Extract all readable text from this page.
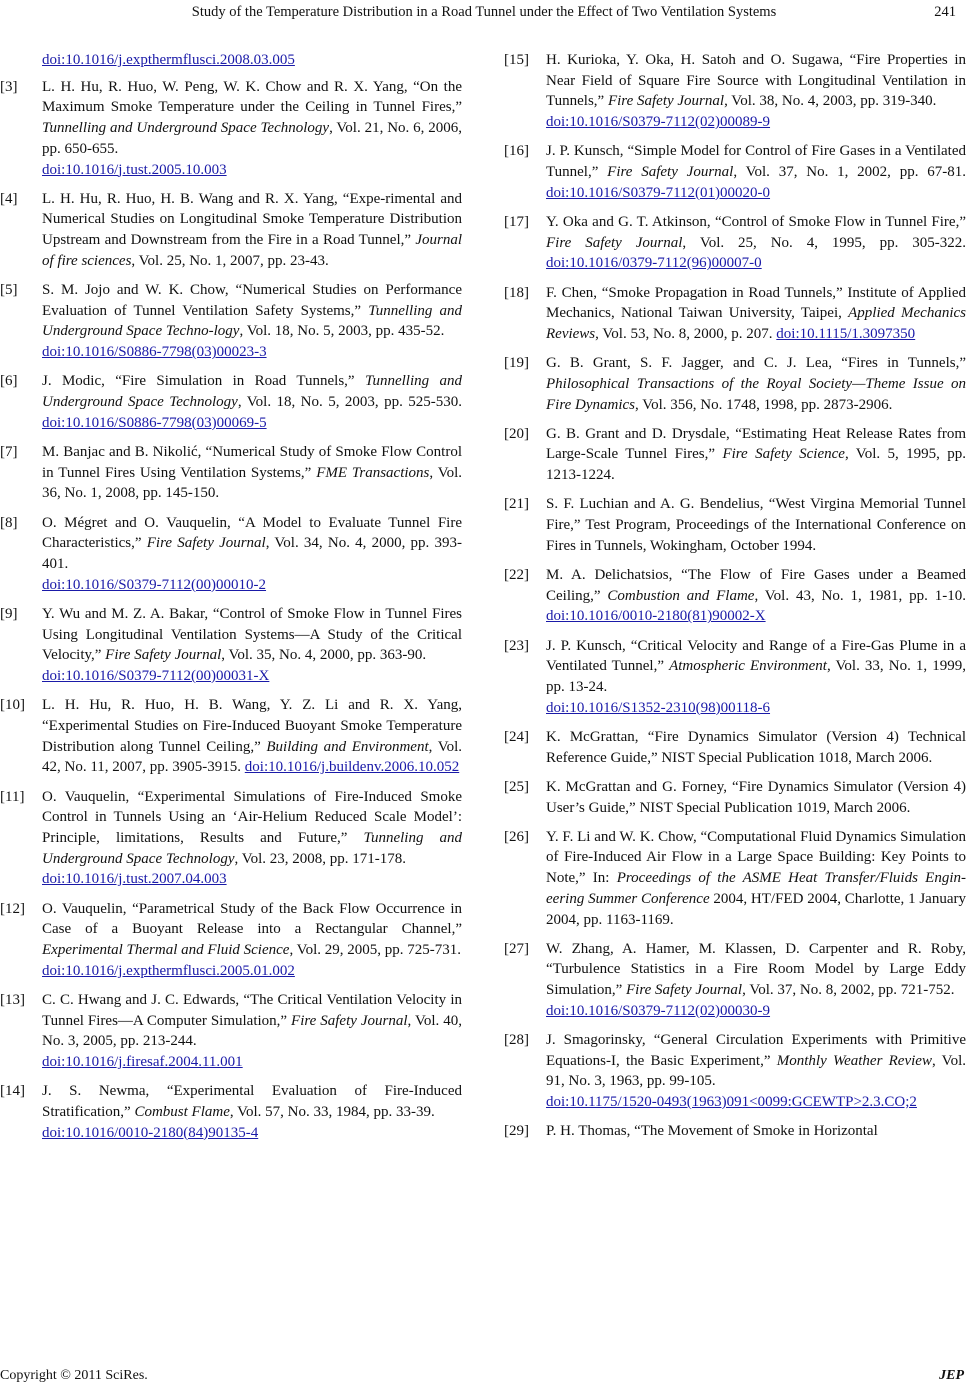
Study of the Temperature Distribution in a Road Tunnel under the Effect of Two Ventilation Systems	241
doi:10.1016/j.expthermflusci.2008.03.005
[3] L. H. Hu, R. Huo, W. Peng, W. K. Chow and R. X. Yang, “On the Maximum Smoke Temperature under the Ceiling in Tunnel Fires,” Tunnelling and Underground Space Technology, Vol. 21, No. 6, 2006, pp. 650-655.
doi:10.1016/j.tust.2005.10.003
[4] L. H. Hu, R. Huo, H. B. Wang and R. X. Yang, “Expe-rimental and Numerical Studies on Longitudinal Smoke Temperature Distribution Upstream and Downstream from the Fire in a Road Tunnel,” Journal of fire sciences, Vol. 25, No. 1, 2007, pp. 23-43.
[5] S. M. Jojo and W. K. Chow, “Numerical Studies on Performance Evaluation of Tunnel Ventilation Safety Systems,” Tunnelling and Underground Space Techno-logy, Vol. 18, No. 5, 2003, pp. 435-52.
doi:10.1016/S0886-7798(03)00023-3
[6] J. Modic, “Fire Simulation in Road Tunnels,” Tunnelling and Underground Space Technology, Vol. 18, No. 5, 2003, pp. 525-530. doi:10.1016/S0886-7798(03)00069-5
[7] M. Banjac and B. Nikolić, “Numerical Study of Smoke Flow Control in Tunnel Fires Using Ventilation Systems,” FME Transactions, Vol. 36, No. 1, 2008, pp. 145-150.
[8] O. Mégret and O. Vauquelin, “A Model to Evaluate Tunnel Fire Characteristics,” Fire Safety Journal, Vol. 34, No. 4, 2000, pp. 393-401.
doi:10.1016/S0379-7112(00)00010-2
[9] Y. Wu and M. Z. A. Bakar, “Control of Smoke Flow in Tunnel Fires Using Longitudinal Ventilation Systems—A Study of the Critical Velocity,” Fire Safety Journal, Vol. 35, No. 4, 2000, pp. 363-90.
doi:10.1016/S0379-7112(00)00031-X
[10] L. H. Hu, R. Huo, H. B. Wang, Y. Z. Li and R. X. Yang, “Experimental Studies on Fire-Induced Buoyant Smoke Temperature Distribution along Tunnel Ceiling,” Building and Environment, Vol. 42, No. 11, 2007, pp. 3905-3915. doi:10.1016/j.buildenv.2006.10.052
[11] O. Vauquelin, “Experimental Simulations of Fire-Induced Smoke Control in Tunnels Using an ‘Air-Helium Reduced Scale Model’: Principle, limitations, Results and Future,” Tunneling and Underground Space Technology, Vol. 23, 2008, pp. 171-178.
doi:10.1016/j.tust.2007.04.003
[12] O. Vauquelin, “Parametrical Study of the Back Flow Occurrence in Case of a Buoyant Release into a Rectangular Channel,” Experimental Thermal and Fluid Science, Vol. 29, 2005, pp. 725-731.
doi:10.1016/j.expthermflusci.2005.01.002
[13] C. C. Hwang and J. C. Edwards, “The Critical Ventilation Velocity in Tunnel Fires—A Computer Simulation,” Fire Safety Journal, Vol. 40, No. 3, 2005, pp. 213-244.
doi:10.1016/j.firesaf.2004.11.001
[14] J. S. Newma, “Experimental Evaluation of Fire-Induced Stratification,” Combust Flame, Vol. 57, No. 33, 1984, pp. 33-39.
doi:10.1016/0010-2180(84)90135-4
[15] H. Kurioka, Y. Oka, H. Satoh and O. Sugawa, “Fire Properties in Near Field of Square Fire Source with Longitudinal Ventilation in Tunnels,” Fire Safety Journal, Vol. 38, No. 4, 2003, pp. 319-340.
doi:10.1016/S0379-7112(02)00089-9
[16] J. P. Kunsch, “Simple Model for Control of Fire Gases in a Ventilated Tunnel,” Fire Safety Journal, Vol. 37, No. 1, 2002, pp. 67-81. doi:10.1016/S0379-7112(01)00020-0
[17] Y. Oka and G. T. Atkinson, “Control of Smoke Flow in Tunnel Fire,” Fire Safety Journal, Vol. 25, No. 4, 1995, pp. 305-322. doi:10.1016/0379-7112(96)00007-0
[18] F. Chen, “Smoke Propagation in Road Tunnels,” Institute of Applied Mechanics, National Taiwan University, Taipei, Applied Mechanics Reviews, Vol. 53, No. 8, 2000, p. 207. doi:10.1115/1.3097350
[19] G. B. Grant, S. F. Jagger, and C. J. Lea, “Fires in Tunnels,” Philosophical Transactions of the Royal Society—Theme Issue on Fire Dynamics, Vol. 356, No. 1748, 1998, pp. 2873-2906.
[20] G. B. Grant and D. Drysdale, “Estimating Heat Release Rates from Large-Scale Tunnel Fires,” Fire Safety Science, Vol. 5, 1995, pp. 1213-1224.
[21] S. F. Luchian and A. G. Bendelius, “West Virgina Memorial Tunnel Fire,” Test Program, Proceedings of the International Conference on Fires in Tunnels, Wokingham, October 1994.
[22] M. A. Delichatsios, “The Flow of Fire Gases under a Beamed Ceiling,” Combustion and Flame, Vol. 43, No. 1, 1981, pp. 1-10. doi:10.1016/0010-2180(81)90002-X
[23] J. P. Kunsch, “Critical Velocity and Range of a Fire-Gas Plume in a Ventilated Tunnel,” Atmospheric Environment, Vol. 33, No. 1, 1999, pp. 13-24.
doi:10.1016/S1352-2310(98)00118-6
[24] K. McGrattan, “Fire Dynamics Simulator (Version 4) Technical Reference Guide,” NIST Special Publication 1018, March 2006.
[25] K. McGrattan and G. Forney, “Fire Dynamics Simulator (Version 4) User’s Guide,” NIST Special Publication 1019, March 2006.
[26] Y. F. Li and W. K. Chow, “Computational Fluid Dynamics Simulation of Fire-Induced Air Flow in a Large Space Building: Key Points to Note,” In: Proceedings of the ASME Heat Transfer/Fluids Engin-eering Summer Conference 2004, HT/FED 2004, Charlotte, 1 January 2004, pp. 1163-1169.
[27] W. Zhang, A. Hamer, M. Klassen, D. Carpenter and R. Roby, “Turbulence Statistics in a Fire Room Model by Large Eddy Simulation,” Fire Safety Journal, Vol. 37, No. 8, 2002, pp. 721-752.
doi:10.1016/S0379-7112(02)00030-9
[28] J. Smagorinsky, “General Circulation Experiments with Primitive Equations-I, the Basic Experiment,” Monthly Weather Review, Vol. 91, No. 3, 1963, pp. 99-105.
doi:10.1175/1520-0493(1963)091<0099:GCEWTP>2.3.CO;2
[29] P. H. Thomas, “The Movement of Smoke in Horizontal
Copyright © 2011 SciRes.	JEP
